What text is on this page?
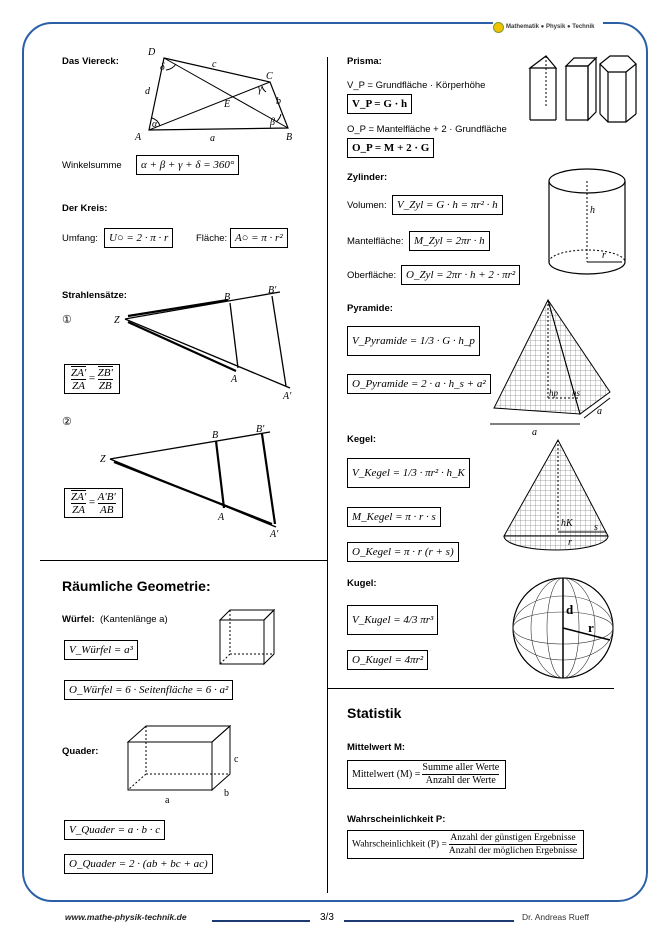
Mathematik ● Physik ● Technik
Das Viereck:
A	B
C
D
E
a
b
c
d
α	β
γ
δ
Winkelsumme	α + β + γ + δ = 360°
Der Kreis:
Umfang:	U○ = 2 · π · r	Fläche: A○ = π · r²
Strahlensätze:
①	Z
A
A'
B
B'
$\frac{ZA'}{ZA} = \frac{ZB'}{ZB}$
②
Z
A
A'
B
B'
$\frac{ZA'}{ZA} = \frac{A'B'}{AB}$
Räumliche Geometrie:
Würfel: (Kantenlänge a)
V_Würfel = a³
O_Würfel = 6 · Seitenfläche = 6 · a²
Quader:
a
b
c
V_Quader = a · b · c
O_Quader = 2 · (ab + bc + ac)
Prisma:
V_P = Grundfläche · Körperhöhe
V_P = G · h
O_P = Mantelfläche + 2 · Grundfläche
O_P = M + 2 · G
Zylinder:
Volumen: V_Zyl = G · h = πr² · h
Mantelfläche: M_Zyl = 2πr · h
Oberfläche: O_Zyl = 2πr · h + 2 · πr²
h
r
Pyramide:
V_Pyramide = 1/3 · G · h_p
O_Pyramide = 2 · a · h_s + a²
hp hs
a
a
Kegel:
V_Kegel = 1/3 · πr² · h_K
M_Kegel = π · r · s
O_Kegel = π · r (r + s)
hK
r
s
Kugel:
V_Kugel = 4/3 πr³
O_Kugel = 4πr²
d
r
Statistik
Mittelwert M:
Mittelwert $(M) = \frac{\text{Summe aller Werte}}{\text{Anzahl der Werte}}$
Wahrscheinlichkeit P:
Wahrscheinlichkeit $(P) = \frac{\text{Anzahl der günstigen Ergebnisse}}{\text{Anzahl der möglichen Ergebnisse}}$
www.mathe-physik-technik.de	3/3	Dr. Andreas Rueff
